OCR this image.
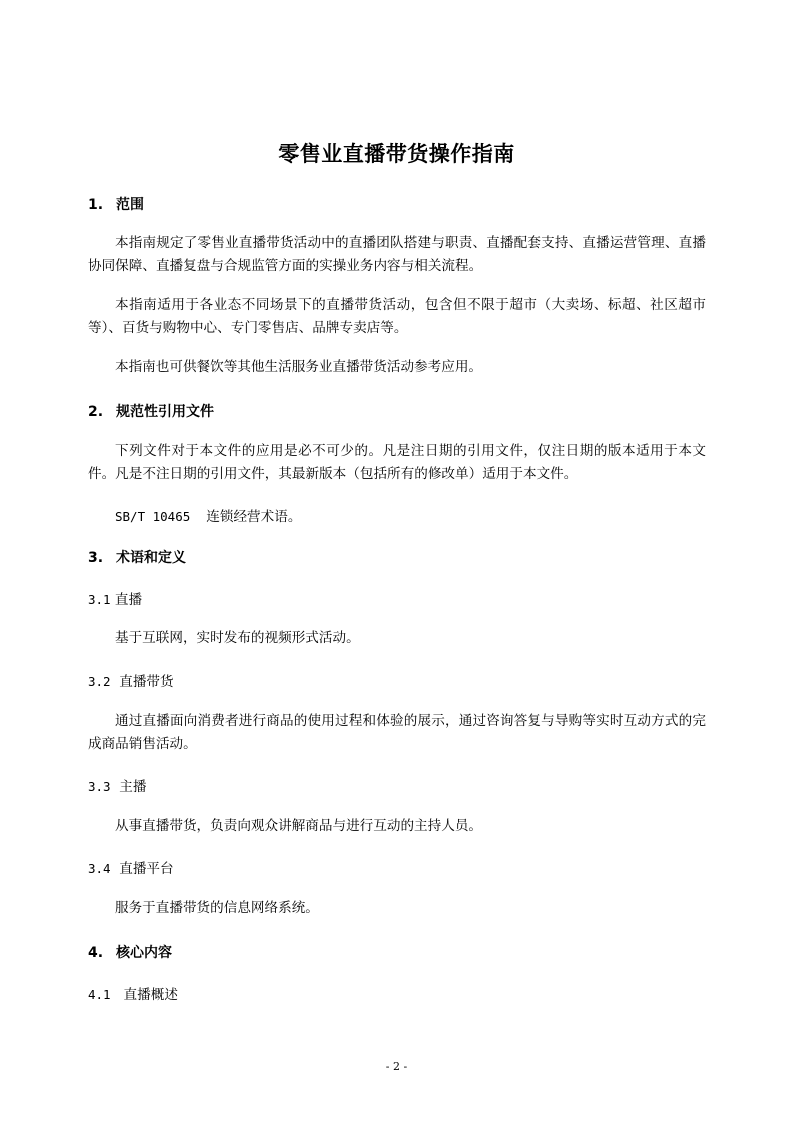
零售业直播带货操作指南
1. 范围
本指南规定了零售业直播带货活动中的直播团队搭建与职责、直播配套支持、直播运营管理、直播协同保障、直播复盘与合规监管方面的实操业务内容与相关流程。
本指南适用于各业态不同场景下的直播带货活动，包含但不限于超市（大卖场、标超、社区超市等）、百货与购物中心、专门零售店、品牌专卖店等。
本指南也可供餐饮等其他生活服务业直播带货活动参考应用。
2. 规范性引用文件
下列文件对于本文件的应用是必不可少的。凡是注日期的引用文件，仅注日期的版本适用于本文件。凡是不注日期的引用文件，其最新版本（包括所有的修改单）适用于本文件。
SB/T 10465 连锁经营术语。
3. 术语和定义
3.1 直播
基于互联网，实时发布的视频形式活动。
3.2 直播带货
通过直播面向消费者进行商品的使用过程和体验的展示，通过咨询答复与导购等实时互动方式的完成商品销售活动。
3.3 主播
从事直播带货，负责向观众讲解商品与进行互动的主持人员。
3.4 直播平台
服务于直播带货的信息网络系统。
4. 核心内容
4.1 直播概述
- 2 -
